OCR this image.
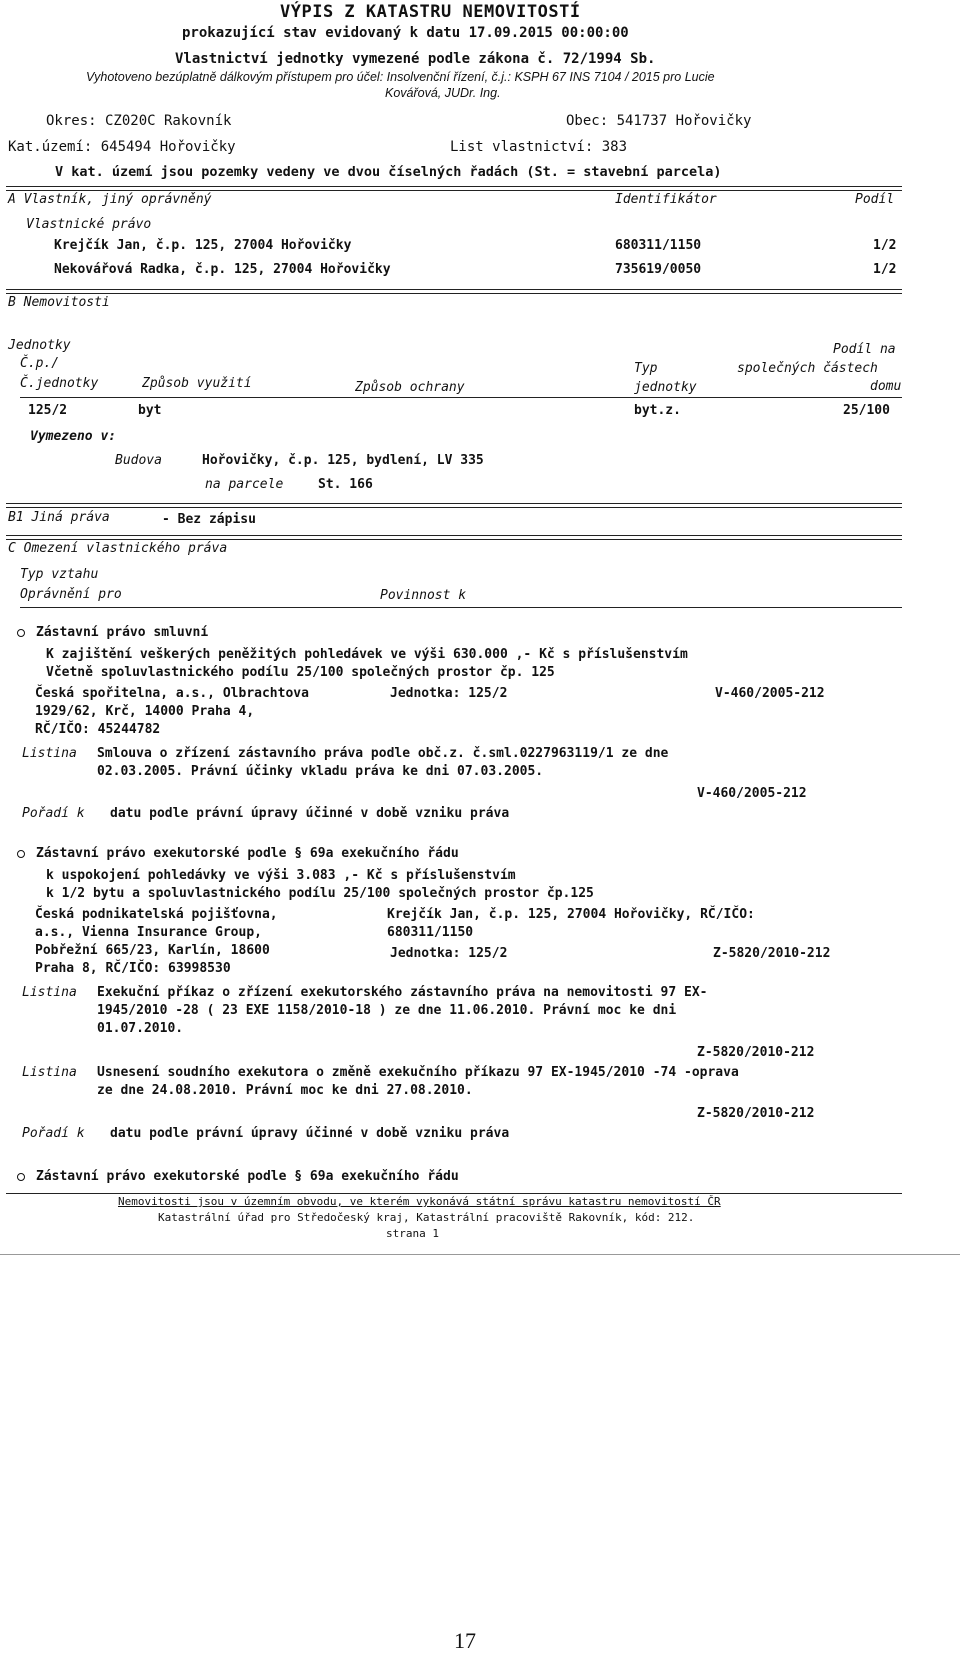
VÝPIS Z KATASTRU NEMOVITOSTÍ
prokazující stav evidovaný k datu 17.09.2015 00:00:00
Vlastnictví jednotky vymezené podle zákona č. 72/1994 Sb.
Vyhotoveno bezúplatně dálkovým přístupem pro účel: Insolvenční řízení, č.j.: KSPH 67 INS 7104 / 2015 pro Lucie
Kovářová, JUDr. Ing.
Okres: CZ020C Rakovník	Obec: 541737 Hořovičky
Kat.území: 645494 Hořovičky	List vlastnictví: 383
V kat. území jsou pozemky vedeny ve dvou číselných řadách (St. = stavební parcela)
A Vlastník, jiný oprávněný	Identifikátor	Podíl
Vlastnické právo
Krejčík Jan, č.p. 125, 27004 Hořovičky	680311/1150	1/2
Nekovářová Radka, č.p. 125, 27004 Hořovičky	735619/0050	1/2
B Nemovitosti
Jednotky
Č.p./
Č.jednotky	Způsob využití	Způsob ochrany
Typ
jednotky
Podíl na
společných částech
domu
125/2	byt	byt.z.	25/100
Vymezeno v:
Budova	Hořovičky, č.p. 125, bydlení, LV 335
na parcele	St. 166
B1 Jiná práva	- Bez zápisu
C Omezení vlastnického práva
Typ vztahu
Oprávnění pro	Povinnost k
Zástavní právo smluvní
K zajištění veškerých peněžitých pohledávek ve výši 630.000 ,- Kč s příslušenstvím
Včetně spoluvlastnického podílu 25/100 společných prostor čp. 125
Česká spořitelna, a.s., Olbrachtova
1929/62, Krč, 14000 Praha 4,
RČ/IČO: 45244782
Jednotka: 125/2	V-460/2005-212
Listina Smlouva o zřízení zástavního práva podle obč.z. č.sml.0227963119/1 ze dne
02.03.2005. Právní účinky vkladu práva ke dni 07.03.2005.
V-460/2005-212
Pořadí k datu podle právní úpravy účinné v době vzniku práva
Zástavní právo exekutorské podle § 69a exekučního řádu
k uspokojení pohledávky ve výši 3.083 ,- Kč s příslušenstvím
k 1/2 bytu a spoluvlastnického podílu 25/100 společných prostor čp.125
Česká podnikatelská pojišťovna,
a.s., Vienna Insurance Group,
Pobřežní 665/23, Karlín, 18600
Praha 8, RČ/IČO: 63998530
Krejčík Jan, č.p. 125, 27004 Hořovičky, RČ/IČO:
680311/1150
Jednotka: 125/2	Z-5820/2010-212
Listina Exekuční příkaz o zřízení exekutorského zástavního práva na nemovitosti 97 EX-
1945/2010 -28 ( 23 EXE 1158/2010-18 ) ze dne 11.06.2010. Právní moc ke dni
01.07.2010.
Z-5820/2010-212
Listina Usnesení soudního exekutora o změně exekučního příkazu 97 EX-1945/2010 -74 -oprava
ze dne 24.08.2010. Právní moc ke dni 27.08.2010.
Z-5820/2010-212
Pořadí k datu podle právní úpravy účinné v době vzniku práva
Zástavní právo exekutorské podle § 69a exekučního řádu
Nemovitosti jsou v územním obvodu, ve kterém vykonává státní správu katastru nemovitostí ČR
Katastrální úřad pro Středočeský kraj, Katastrální pracoviště Rakovník, kód: 212.
strana 1
17
